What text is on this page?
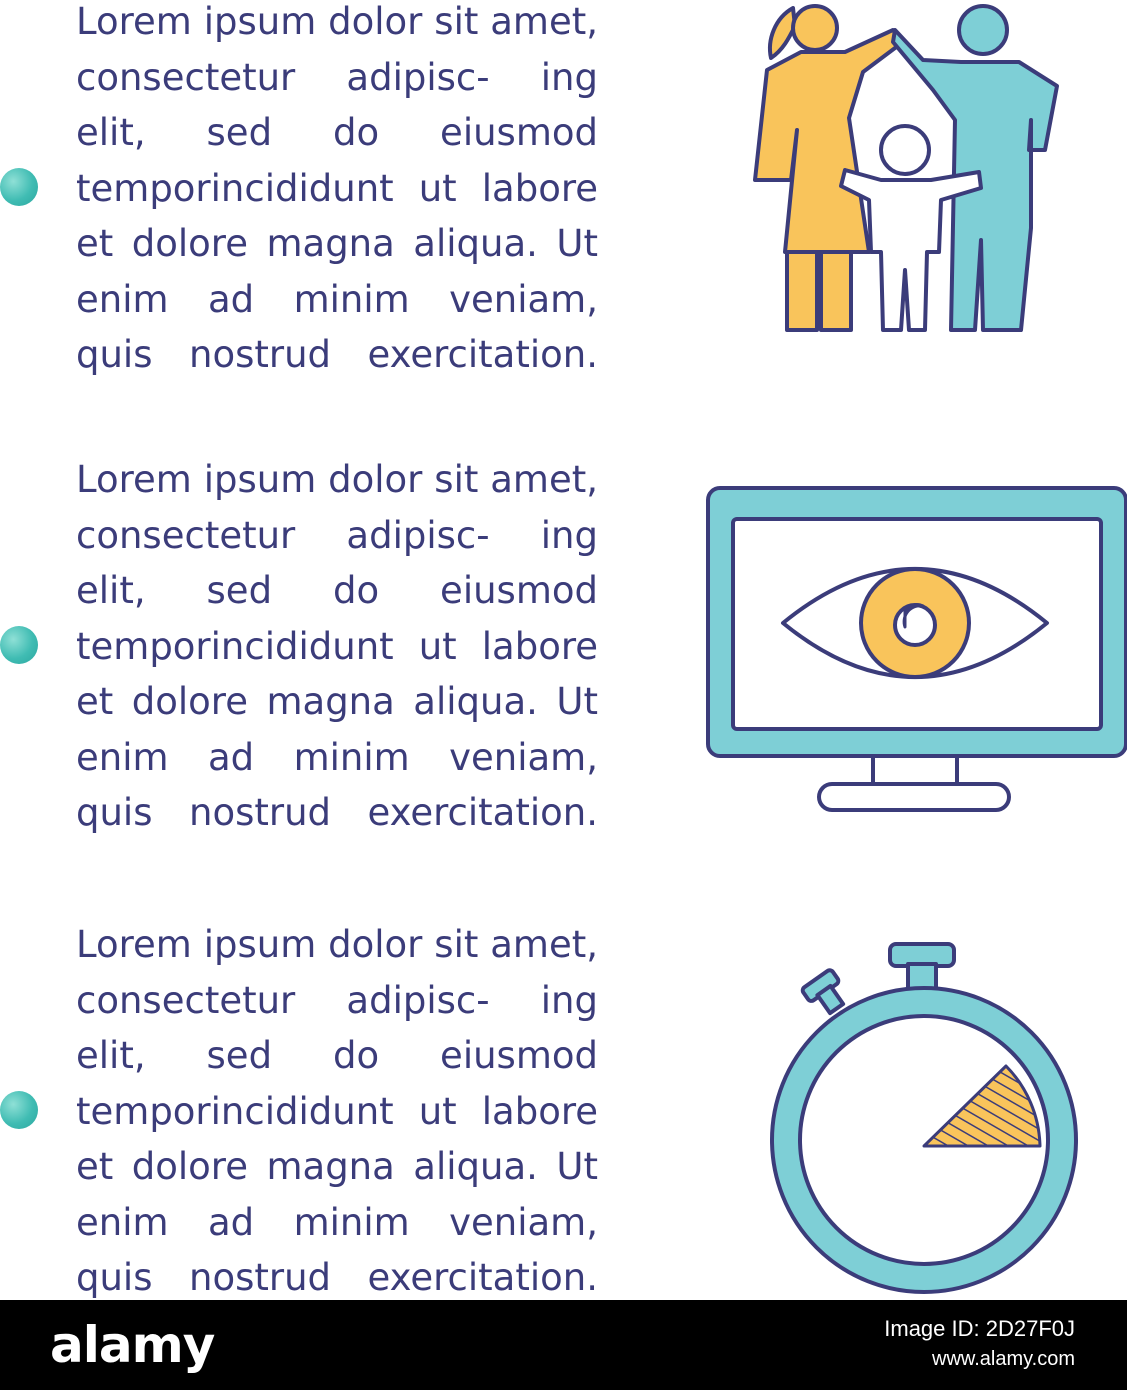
Lorem ipsum dolor sit amet, consectetur adipisc- ing elit, sed do eiusmod temporincididunt ut labore et dolore magna aliqua. Ut enim ad minim veniam, quis nostrud exercitation.

Lorem ipsum dolor sit amet, consectetur adipisc- ing elit, sed do eiusmod temporincididunt ut labore et dolore magna aliqua. Ut enim ad minim veniam, quis nostrud exercitation.

Lorem ipsum dolor sit amet, consectetur adipisc- ing elit, sed do eiusmod temporincididunt ut labore et dolore magna aliqua. Ut enim ad minim veniam, quis nostrud exercitation.

alamy	Image ID: 2D27F0J
www.alamy.com
